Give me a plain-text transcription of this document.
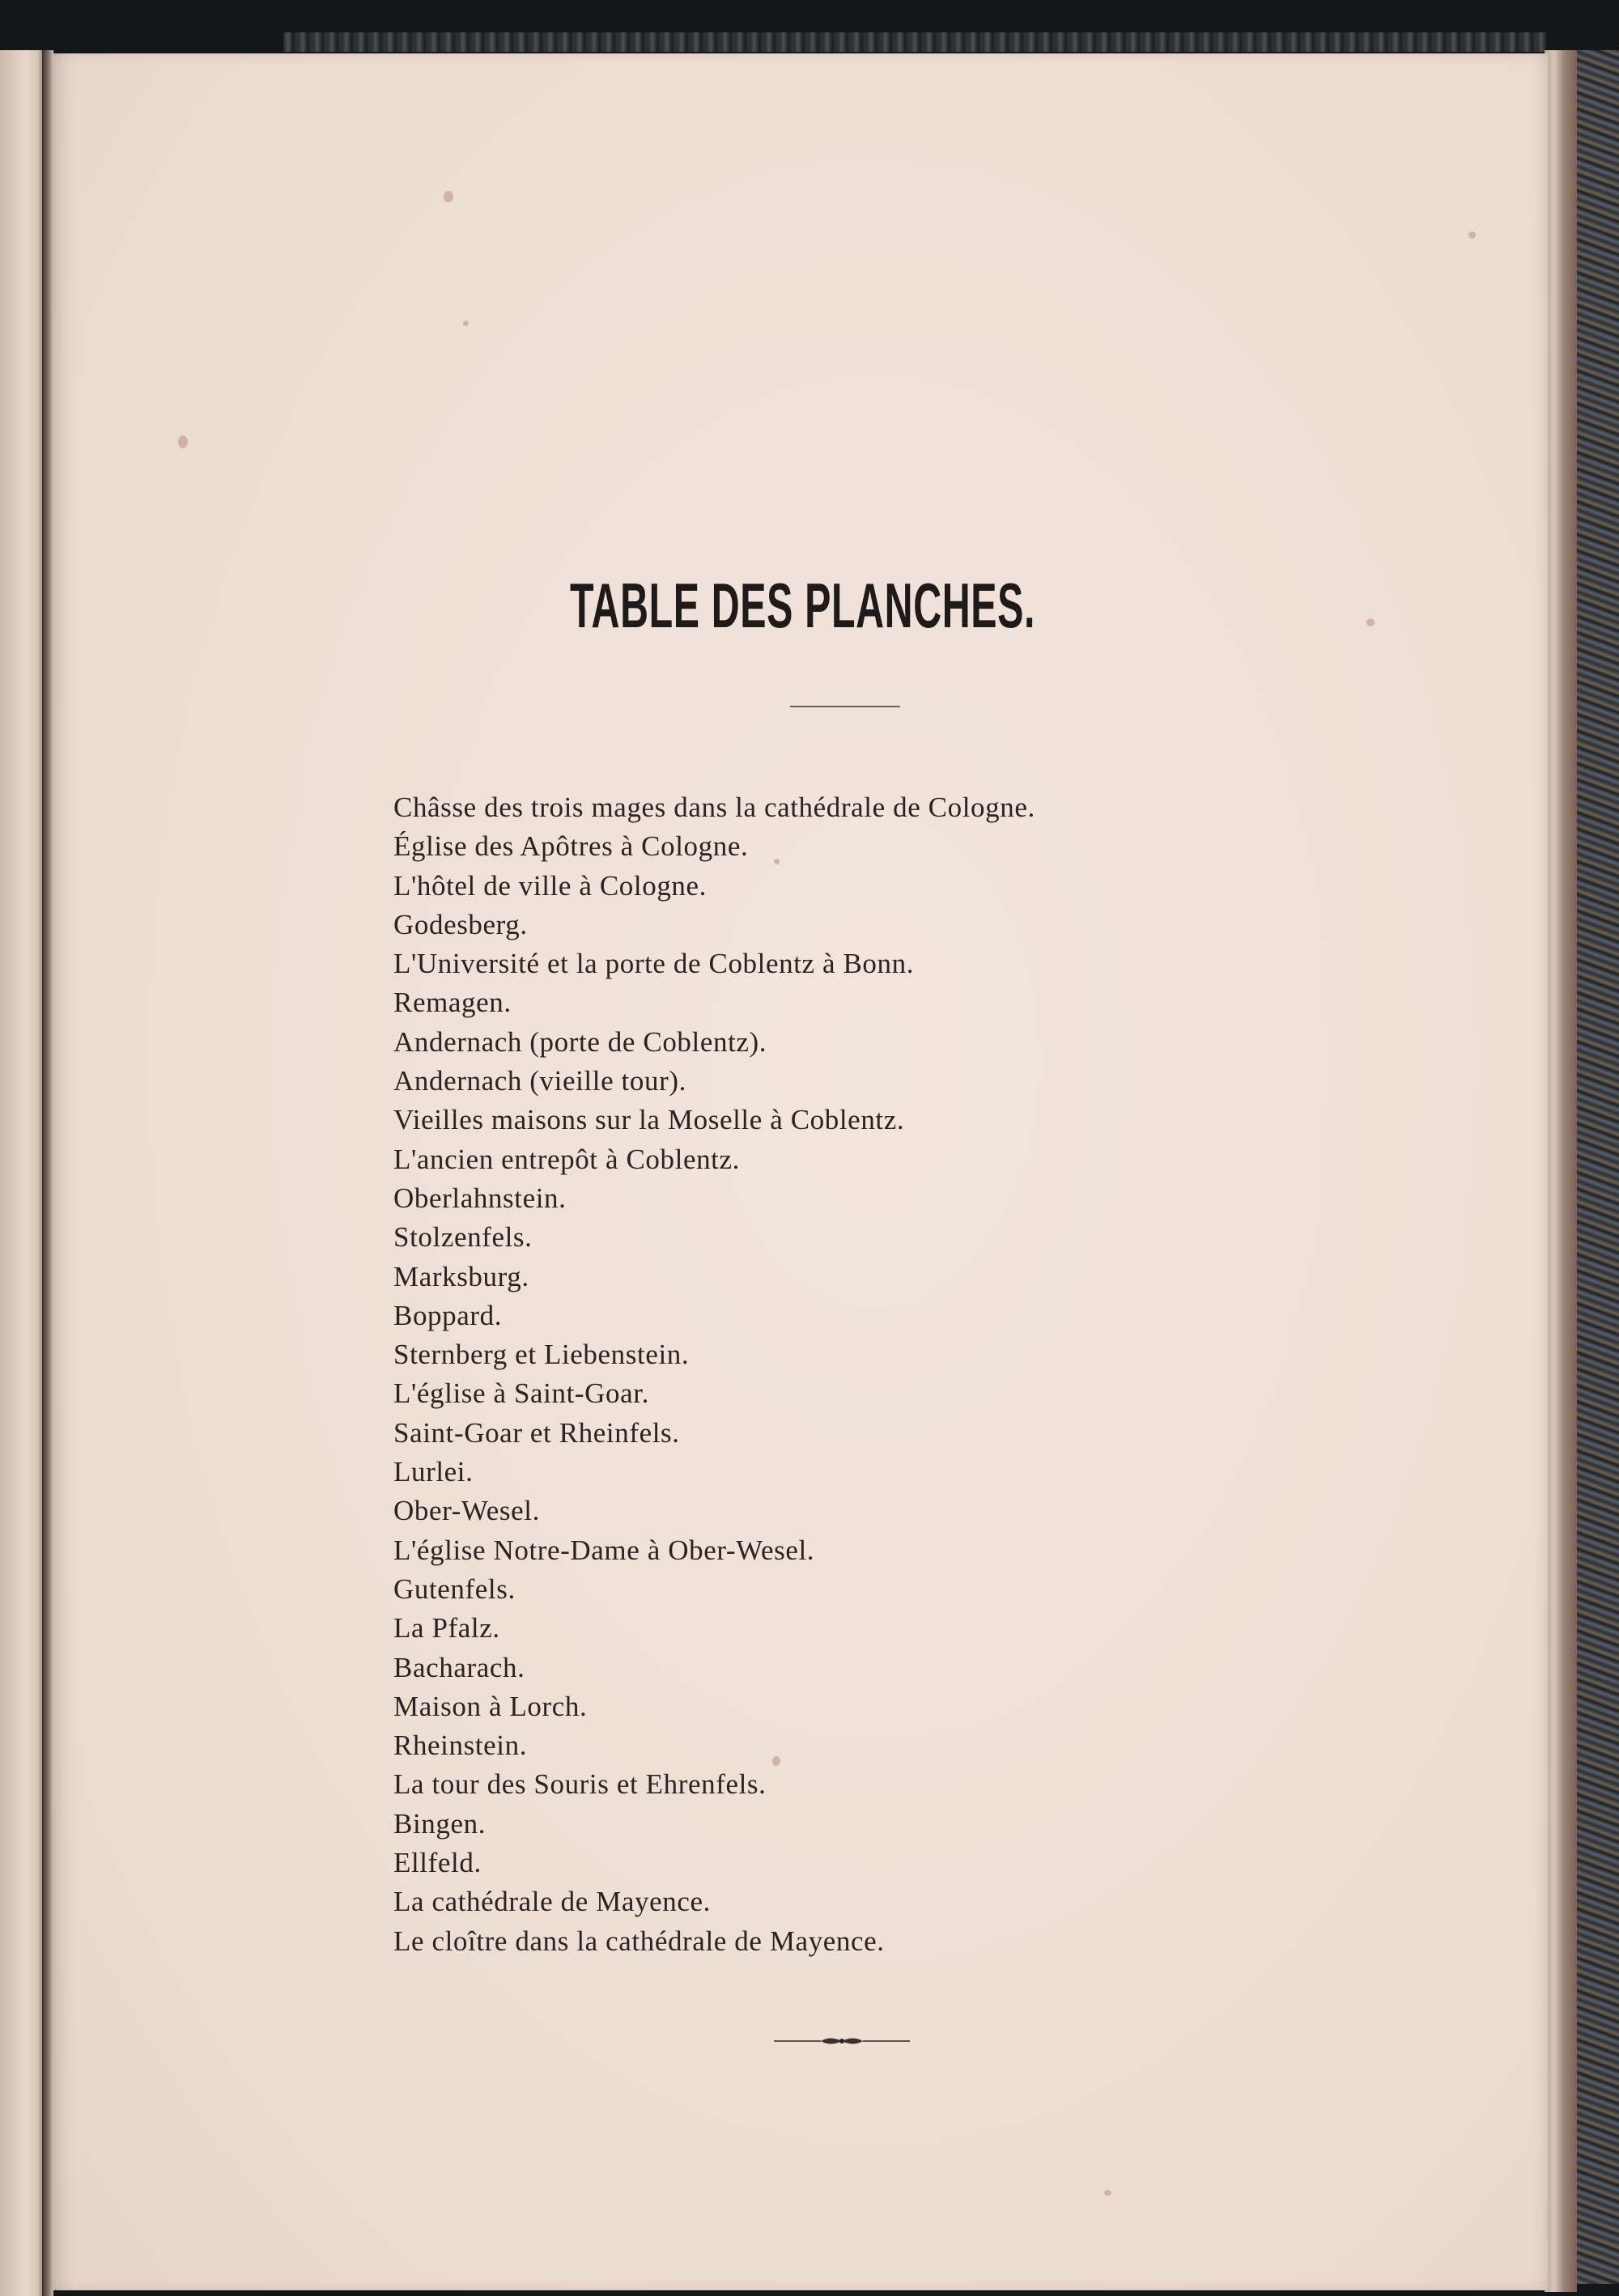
TABLE DES PLANCHES.
Châsse des trois mages dans la cathédrale de Cologne.
Église des Apôtres à Cologne.
L'hôtel de ville à Cologne.
Godesberg.
L'Université et la porte de Coblentz à Bonn.
Remagen.
Andernach (porte de Coblentz).
Andernach (vieille tour).
Vieilles maisons sur la Moselle à Coblentz.
L'ancien entrepôt à Coblentz.
Oberlahnstein.
Stolzenfels.
Marksburg.
Boppard.
Sternberg et Liebenstein.
L'église à Saint-Goar.
Saint-Goar et Rheinfels.
Lurlei.
Ober-Wesel.
L'église Notre-Dame à Ober-Wesel.
Gutenfels.
La Pfalz.
Bacharach.
Maison à Lorch.
Rheinstein.
La tour des Souris et Ehrenfels.
Bingen.
Ellfeld.
La cathédrale de Mayence.
Le cloître dans la cathédrale de Mayence.
